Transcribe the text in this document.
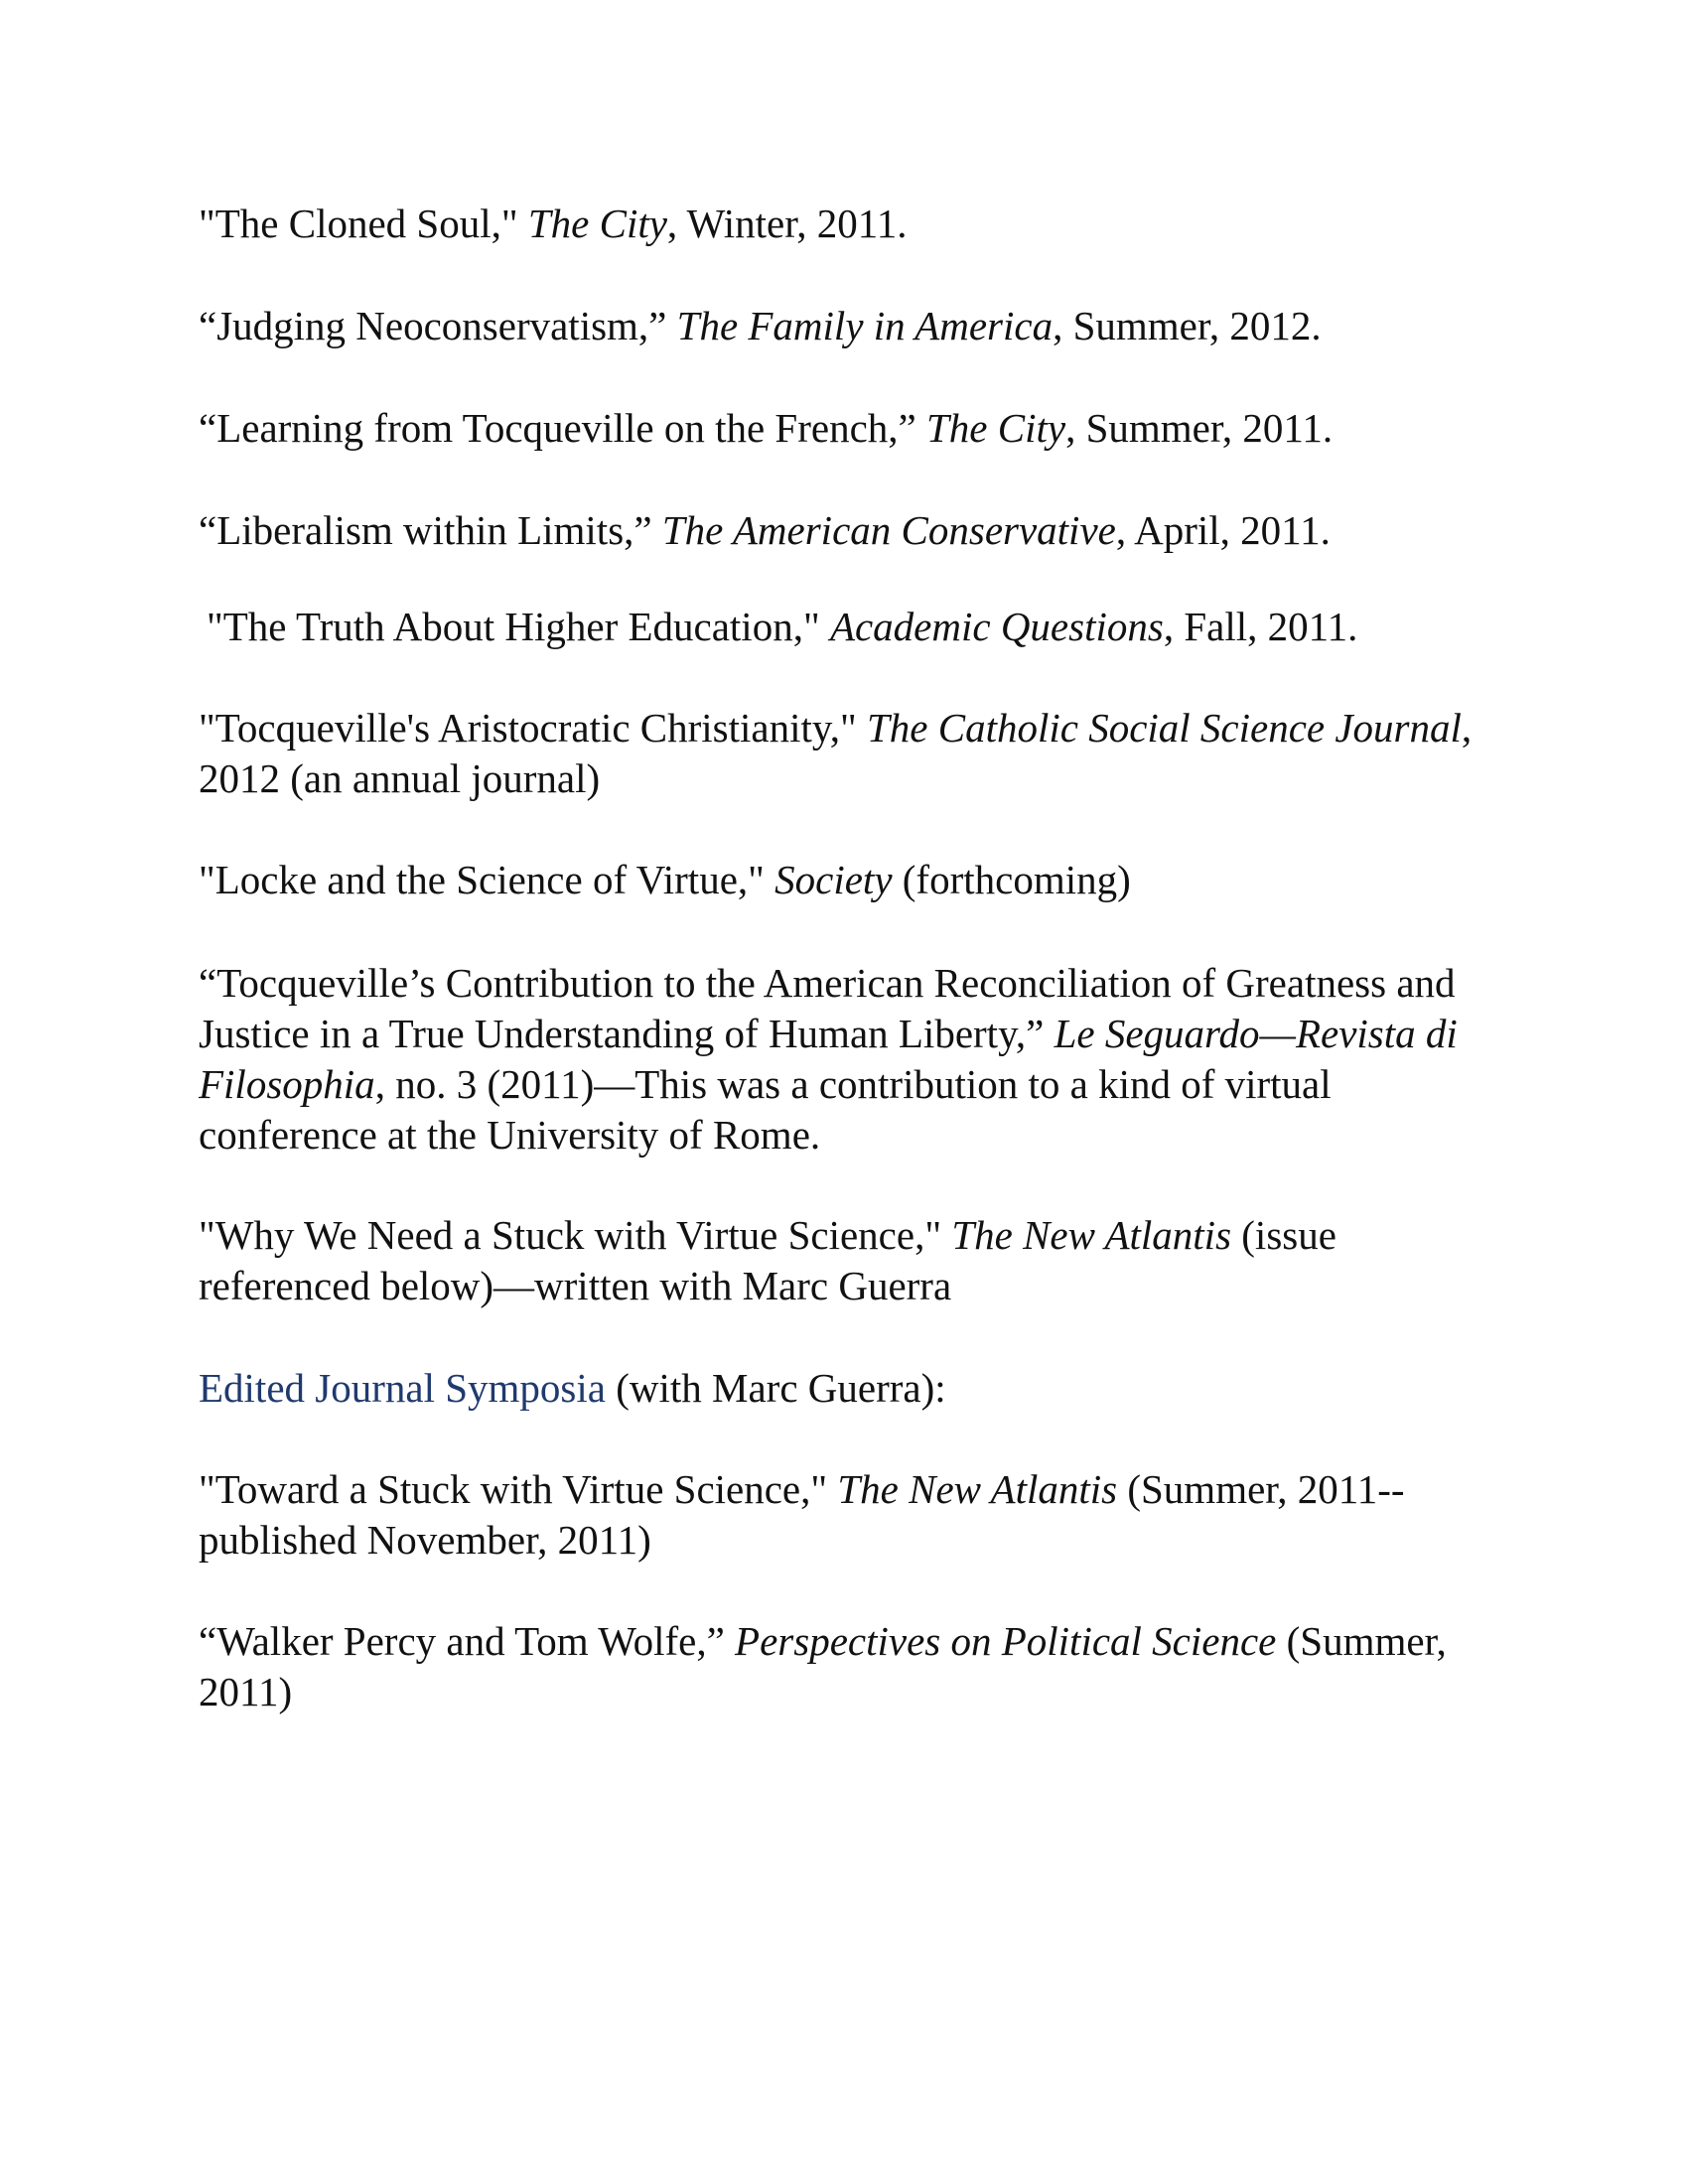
"The Cloned Soul," The City, Winter, 2011.

“Judging Neoconservatism,” The Family in America, Summer, 2012.

“Learning from Tocqueville on the French,” The City, Summer, 2011.

“Liberalism within Limits,” The American Conservative, April, 2011.

"The Truth About Higher Education," Academic Questions, Fall, 2011.

"Tocqueville's Aristocratic Christianity," The Catholic Social Science Journal, 2012 (an annual journal)

"Locke and the Science of Virtue," Society (forthcoming)

“Tocqueville’s Contribution to the American Reconciliation of Greatness and Justice in a True Understanding of Human Liberty,” Le Seguardo—Revista di Filosophia, no. 3 (2011)—This was a contribution to a kind of virtual conference at the University of Rome.

"Why We Need a Stuck with Virtue Science," The New Atlantis (issue referenced below)—written with Marc Guerra

Edited Journal Symposia (with Marc Guerra):

"Toward a Stuck with Virtue Science," The New Atlantis (Summer, 2011--published November, 2011)

“Walker Percy and Tom Wolfe,” Perspectives on Political Science (Summer, 2011)
